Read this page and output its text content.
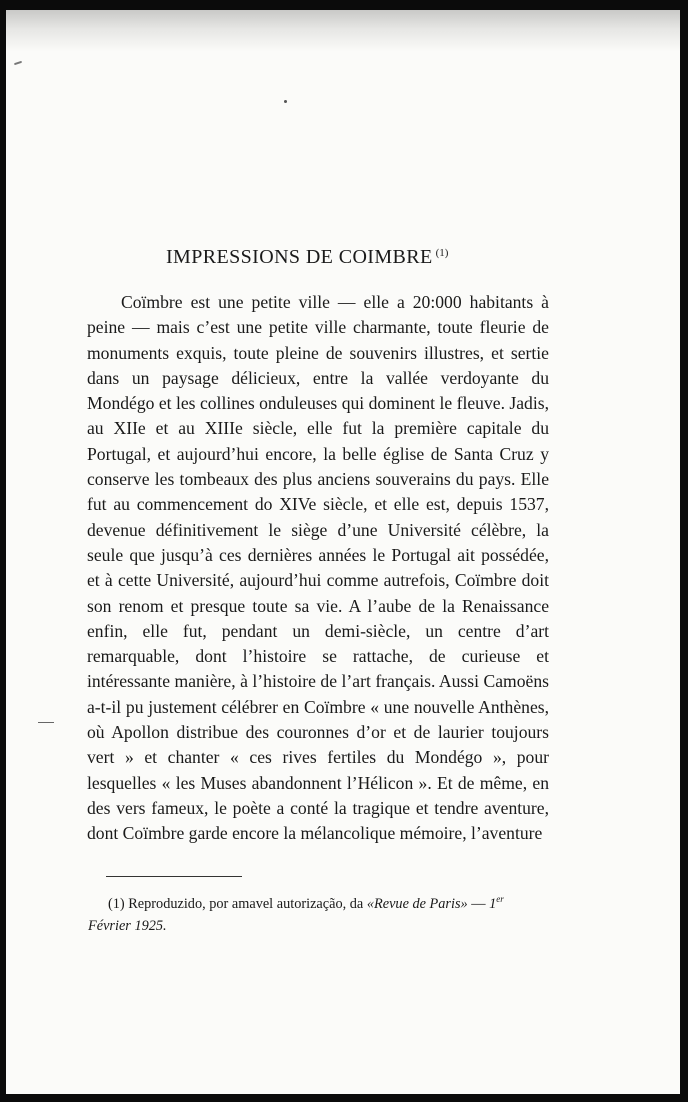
IMPRESSIONS DE COIMBRE $^{(1)}$

Coïmbre est une petite ville — elle a 20:000 habitants à peine — mais c’est une petite ville charmante, toute fleurie de monuments exquis, toute pleine de souvenirs illustres, et sertie dans un paysage délicieux, entre la vallée verdoyante du Mondégo et les collines onduleuses qui dominent le fleuve. Jadis, au XIIe et au XIIIe siècle, elle fut la première capitale du Portugal, et aujourd’hui encore, la belle église de Santa Cruz y conserve les tombeaux des plus anciens souverains du pays. Elle fut au commencement do XIVe siècle, et elle est, depuis 1537, devenue définitivement le siège d’une Université célèbre, la seule que jusqu’à ces dernières années le Portugal ait possédée, et à cette Université, aujourd’hui comme autrefois, Coïmbre doit son renom et presque toute sa vie. A l’aube de la Renaissance enfin, elle fut, pendant un demi-siècle, un centre d’art remarquable, dont l’histoire se rattache, de curieuse et intéressante manière, à l’histoire de l’art français. Aussi Camoëns a-t-il pu justement célébrer en Coïmbre « une nouvelle Anthènes, où Apollon distribue des couronnes d’or et de laurier toujours vert » et chanter « ces rives fertiles du Mondégo », pour lesquelles « les Muses abandonnent l’Hélicon ». Et de même, en des vers fameux, le poète a conté la tragique et tendre aventure, dont Coïmbre garde encore la mélancolique mémoire, l’aventure

(1) Reproduzido, por amavel autorização, da «Revue de Paris» — 1er Février 1925.
